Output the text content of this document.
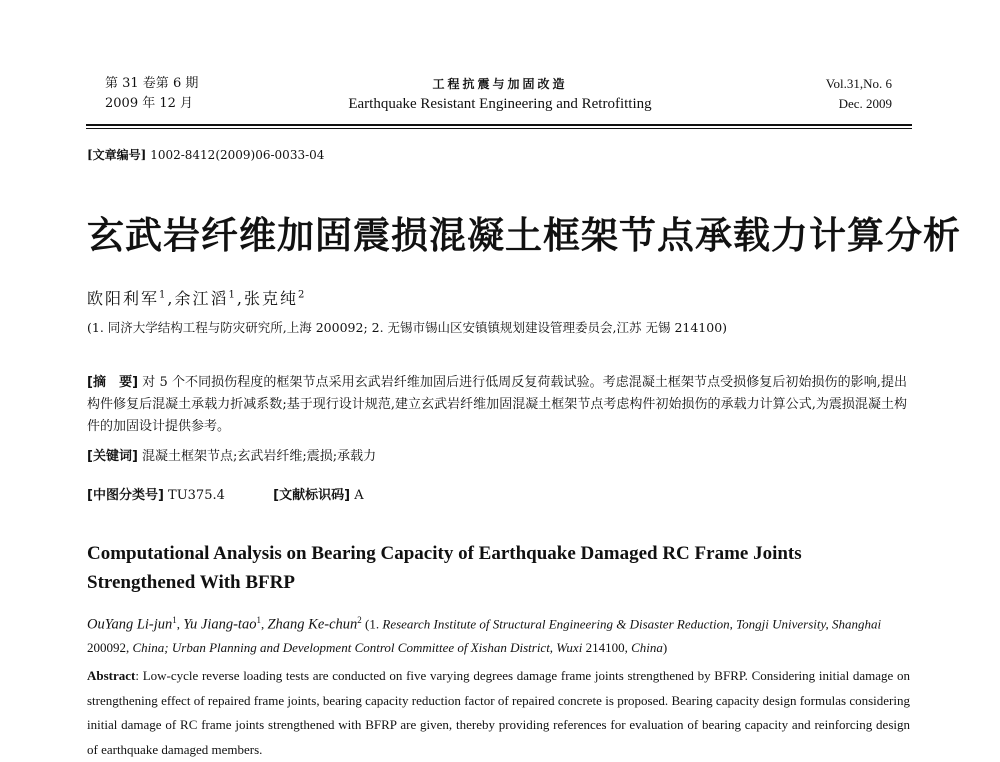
第 31 卷第 6 期
2009 年 12 月
工程抗震与加固改造
Earthquake Resistant Engineering and Retrofitting
Vol.31,No. 6
Dec. 2009
[文章编号] 1002-8412(2009)06-0033-04
玄武岩纤维加固震损混凝土框架节点承载力计算分析
欧阳利军$^1$,余江滔$^1$,张克纯$^2$
(1. 同济大学结构工程与防灾研究所,上海 200092; 2. 无锡市锡山区安镇镇规划建设管理委员会,江苏 无锡 214100)
[摘　要] 对 5 个不同损伤程度的框架节点采用玄武岩纤维加固后进行低周反复荷载试验。考虑混凝土框架节点受损修复后初始损伤的影响,提出构件修复后混凝土承载力折减系数;基于现行设计规范,建立玄武岩纤维加固混凝土框架节点考虑构件初始损伤的承载力计算公式,为震损混凝土构件的加固设计提供参考。
[关键词] 混凝土框架节点;玄武岩纤维;震损;承载力
[中图分类号] TU375.4	[文献标识码] A
Computational Analysis on Bearing Capacity of Earthquake Damaged RC Frame Joints
Strengthened With BFRP
OuYang Li-jun$^1$, Yu Jiang-tao$^1$, Zhang Ke-chun$^2$ (1. Research Institute of Structural Engineering & Disaster Reduction, Tongji University, Shanghai 200092, China; Urban Planning and Development Control Committee of Xishan District, Wuxi 214100, China)
Abstract: Low-cycle reverse loading tests are conducted on five varying degrees damage frame joints strengthened by BFRP. Considering initial damage on strengthening effect of repaired frame joints, bearing capacity reduction factor of repaired concrete is proposed. Bearing capacity design formulas considering initial damage of RC frame joints strengthened with BFRP are given, thereby providing references for evaluation of bearing capacity and reinforcing design of earthquake damaged members.
